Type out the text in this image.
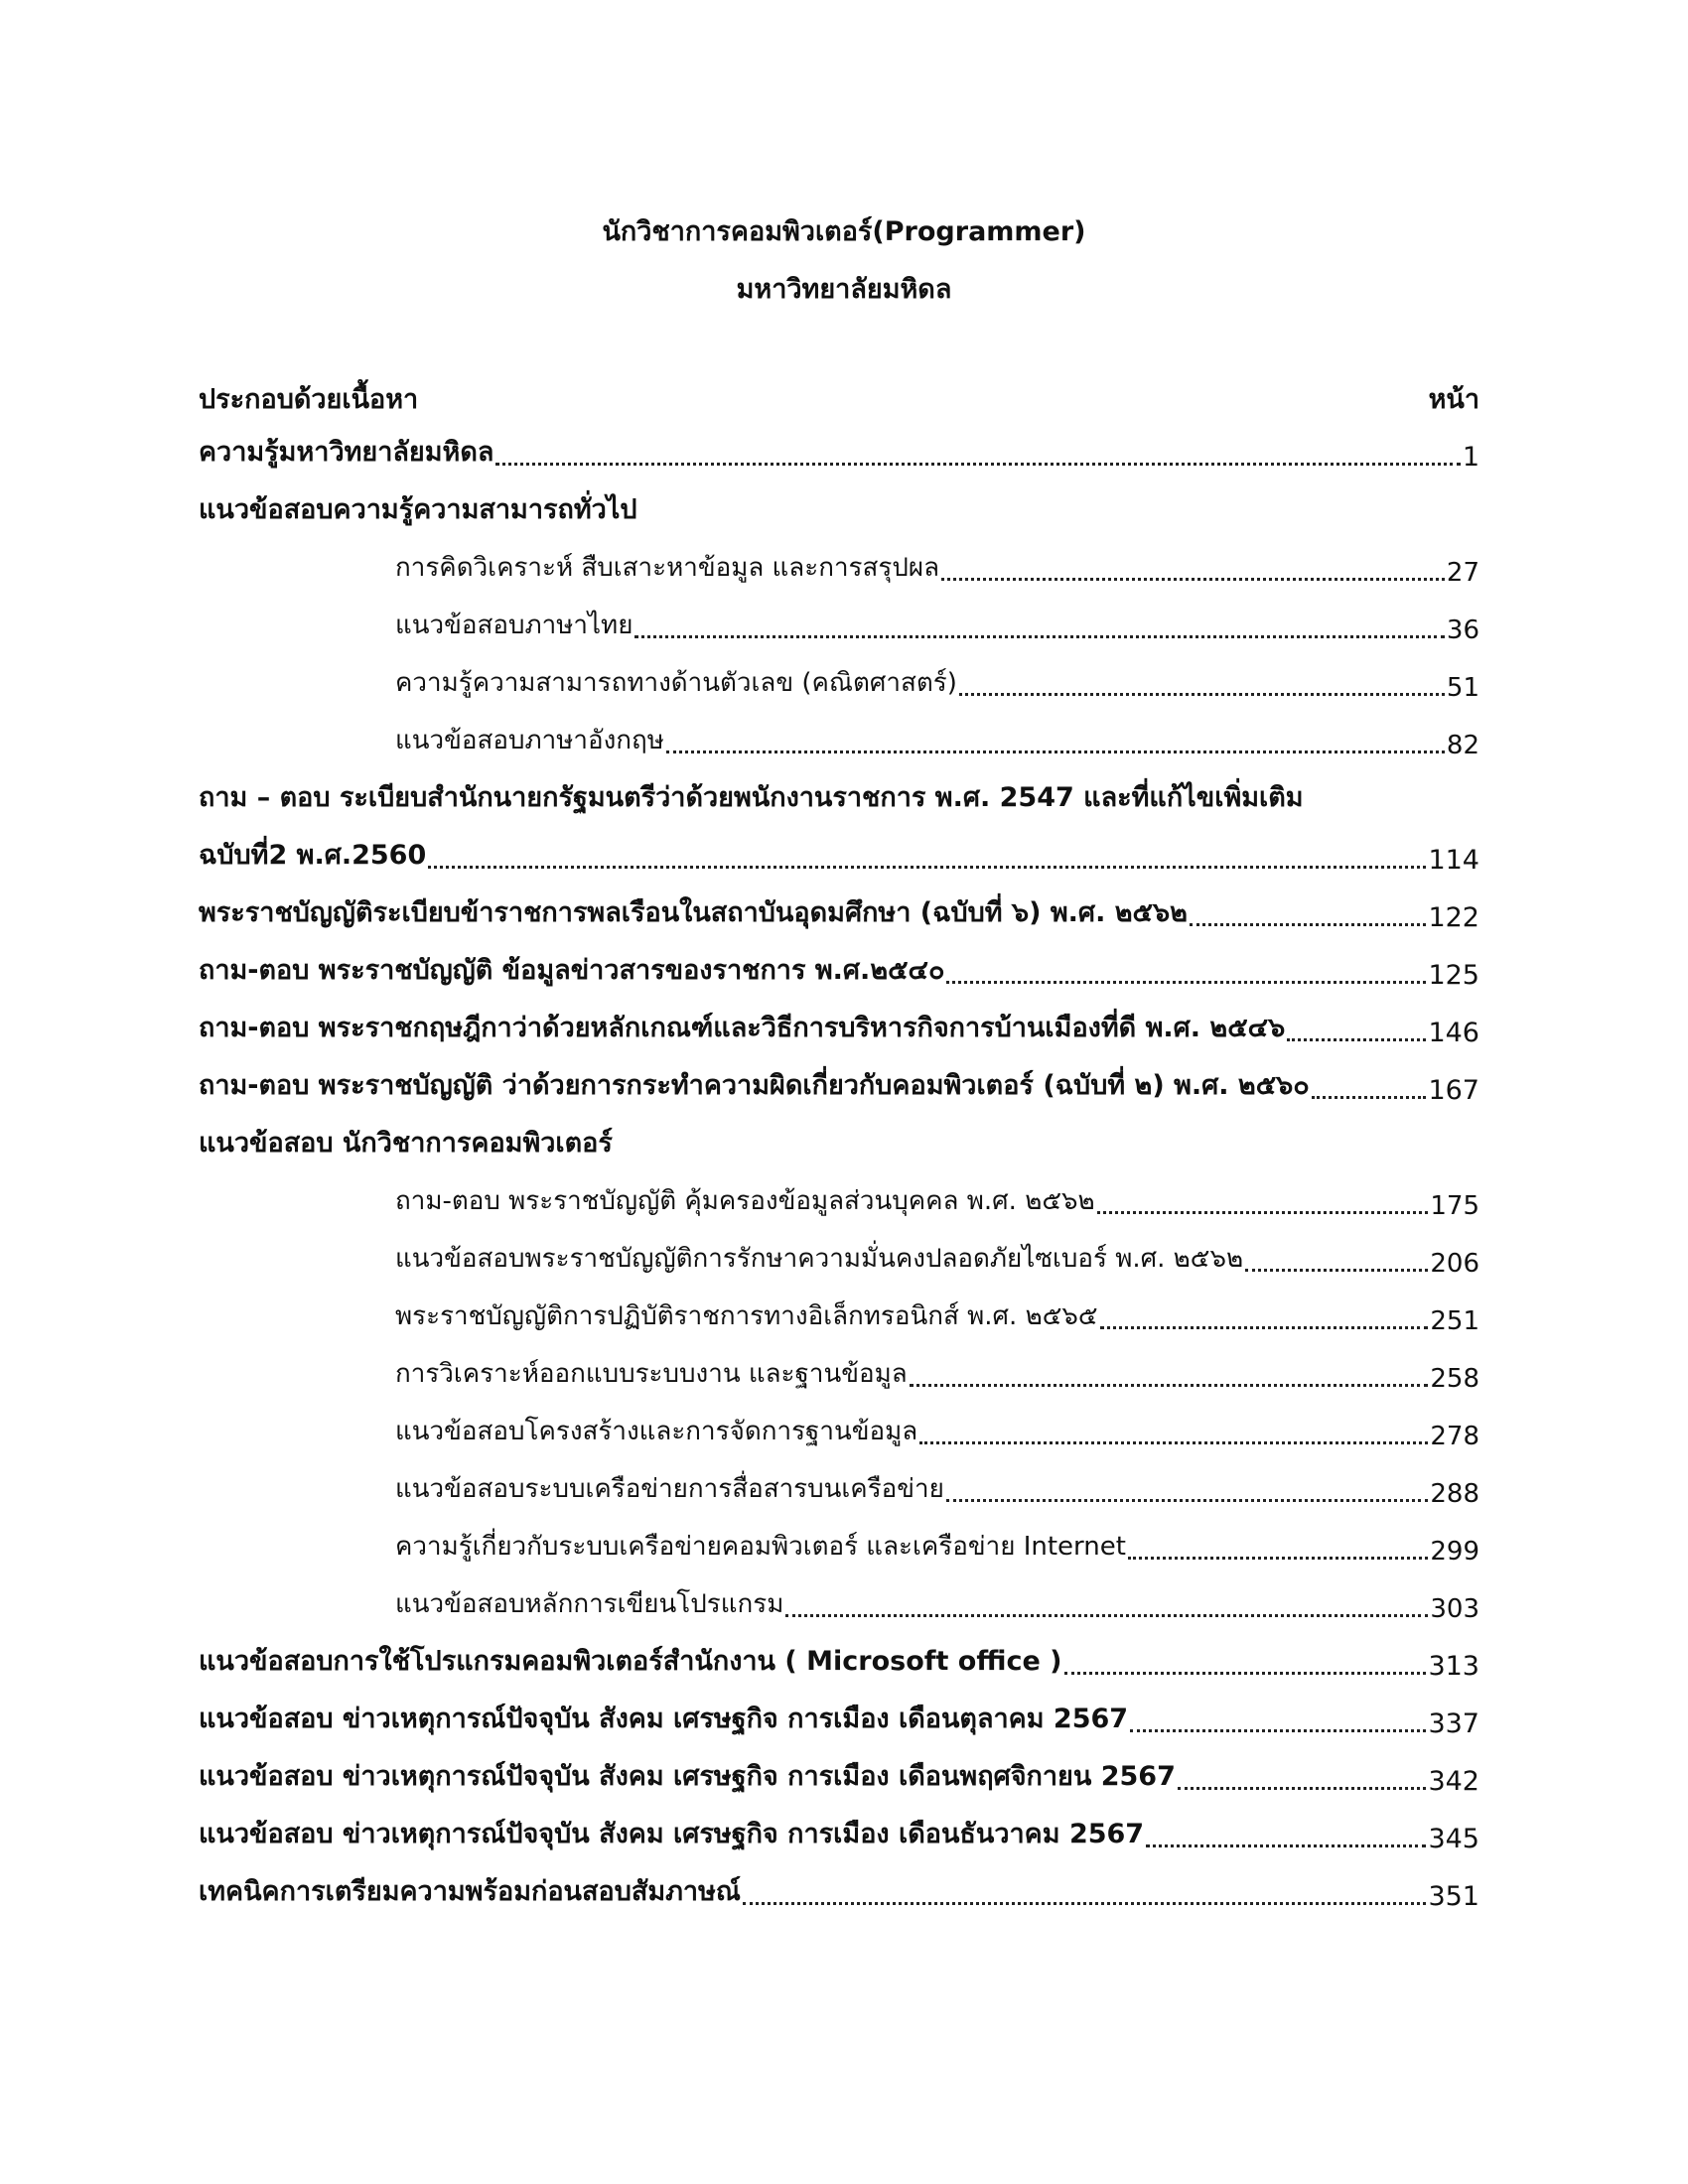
นักวิชาการคอมพิวเตอร์(Programmer)
มหาวิทยาลัยมหิดล
ประกอบด้วยเนื้อหา	หน้า
ความรู้มหาวิทยาลัยมหิดล	1
แนวข้อสอบความรู้ความสามารถทั่วไป
การคิดวิเคราะห์ สืบเสาะหาข้อมูล และการสรุปผล	27
แนวข้อสอบภาษาไทย	36
ความรู้ความสามารถทางด้านตัวเลข (คณิตศาสตร์)	51
แนวข้อสอบภาษาอังกฤษ	82
ถาม – ตอบ ระเบียบสำนักนายกรัฐมนตรีว่าด้วยพนักงานราชการ พ.ศ. 2547 และที่แก้ไขเพิ่มเติม
ฉบับที่2 พ.ศ.2560	114
พระราชบัญญัติระเบียบข้าราชการพลเรือนในสถาบันอุดมศึกษา (ฉบับที่ ๖) พ.ศ. ๒๕๖๒	122
ถาม-ตอบ พระราชบัญญัติ ข้อมูลข่าวสารของราชการ พ.ศ.๒๕๔๐	125
ถาม-ตอบ พระราชกฤษฎีกาว่าด้วยหลักเกณฑ์และวิธีการบริหารกิจการบ้านเมืองที่ดี พ.ศ. ๒๕๔๖	146
ถาม-ตอบ พระราชบัญญัติ ว่าด้วยการกระทำความผิดเกี่ยวกับคอมพิวเตอร์ (ฉบับที่ ๒) พ.ศ. ๒๕๖๐	167
แนวข้อสอบ นักวิชาการคอมพิวเตอร์
ถาม-ตอบ พระราชบัญญัติ คุ้มครองข้อมูลส่วนบุคคล พ.ศ. ๒๕๖๒	175
แนวข้อสอบพระราชบัญญัติการรักษาความมั่นคงปลอดภัยไซเบอร์ พ.ศ. ๒๕๖๒	206
พระราชบัญญัติการปฏิบัติราชการทางอิเล็กทรอนิกส์ พ.ศ. ๒๕๖๕	251
การวิเคราะห์ออกแบบระบบงาน และฐานข้อมูล	258
แนวข้อสอบโครงสร้างและการจัดการฐานข้อมูล	278
แนวข้อสอบระบบเครือข่ายการสื่อสารบนเครือข่าย	288
ความรู้เกี่ยวกับระบบเครือข่ายคอมพิวเตอร์ และเครือข่าย Internet	299
แนวข้อสอบหลักการเขียนโปรแกรม	303
แนวข้อสอบการใช้โปรแกรมคอมพิวเตอร์สำนักงาน ( Microsoft office )	313
แนวข้อสอบ ข่าวเหตุการณ์ปัจจุบัน สังคม เศรษฐกิจ การเมือง เดือนตุลาคม 2567	337
แนวข้อสอบ ข่าวเหตุการณ์ปัจจุบัน สังคม เศรษฐกิจ การเมือง เดือนพฤศจิกายน 2567	342
แนวข้อสอบ ข่าวเหตุการณ์ปัจจุบัน สังคม เศรษฐกิจ การเมือง เดือนธันวาคม 2567	345
เทคนิคการเตรียมความพร้อมก่อนสอบสัมภาษณ์	351
